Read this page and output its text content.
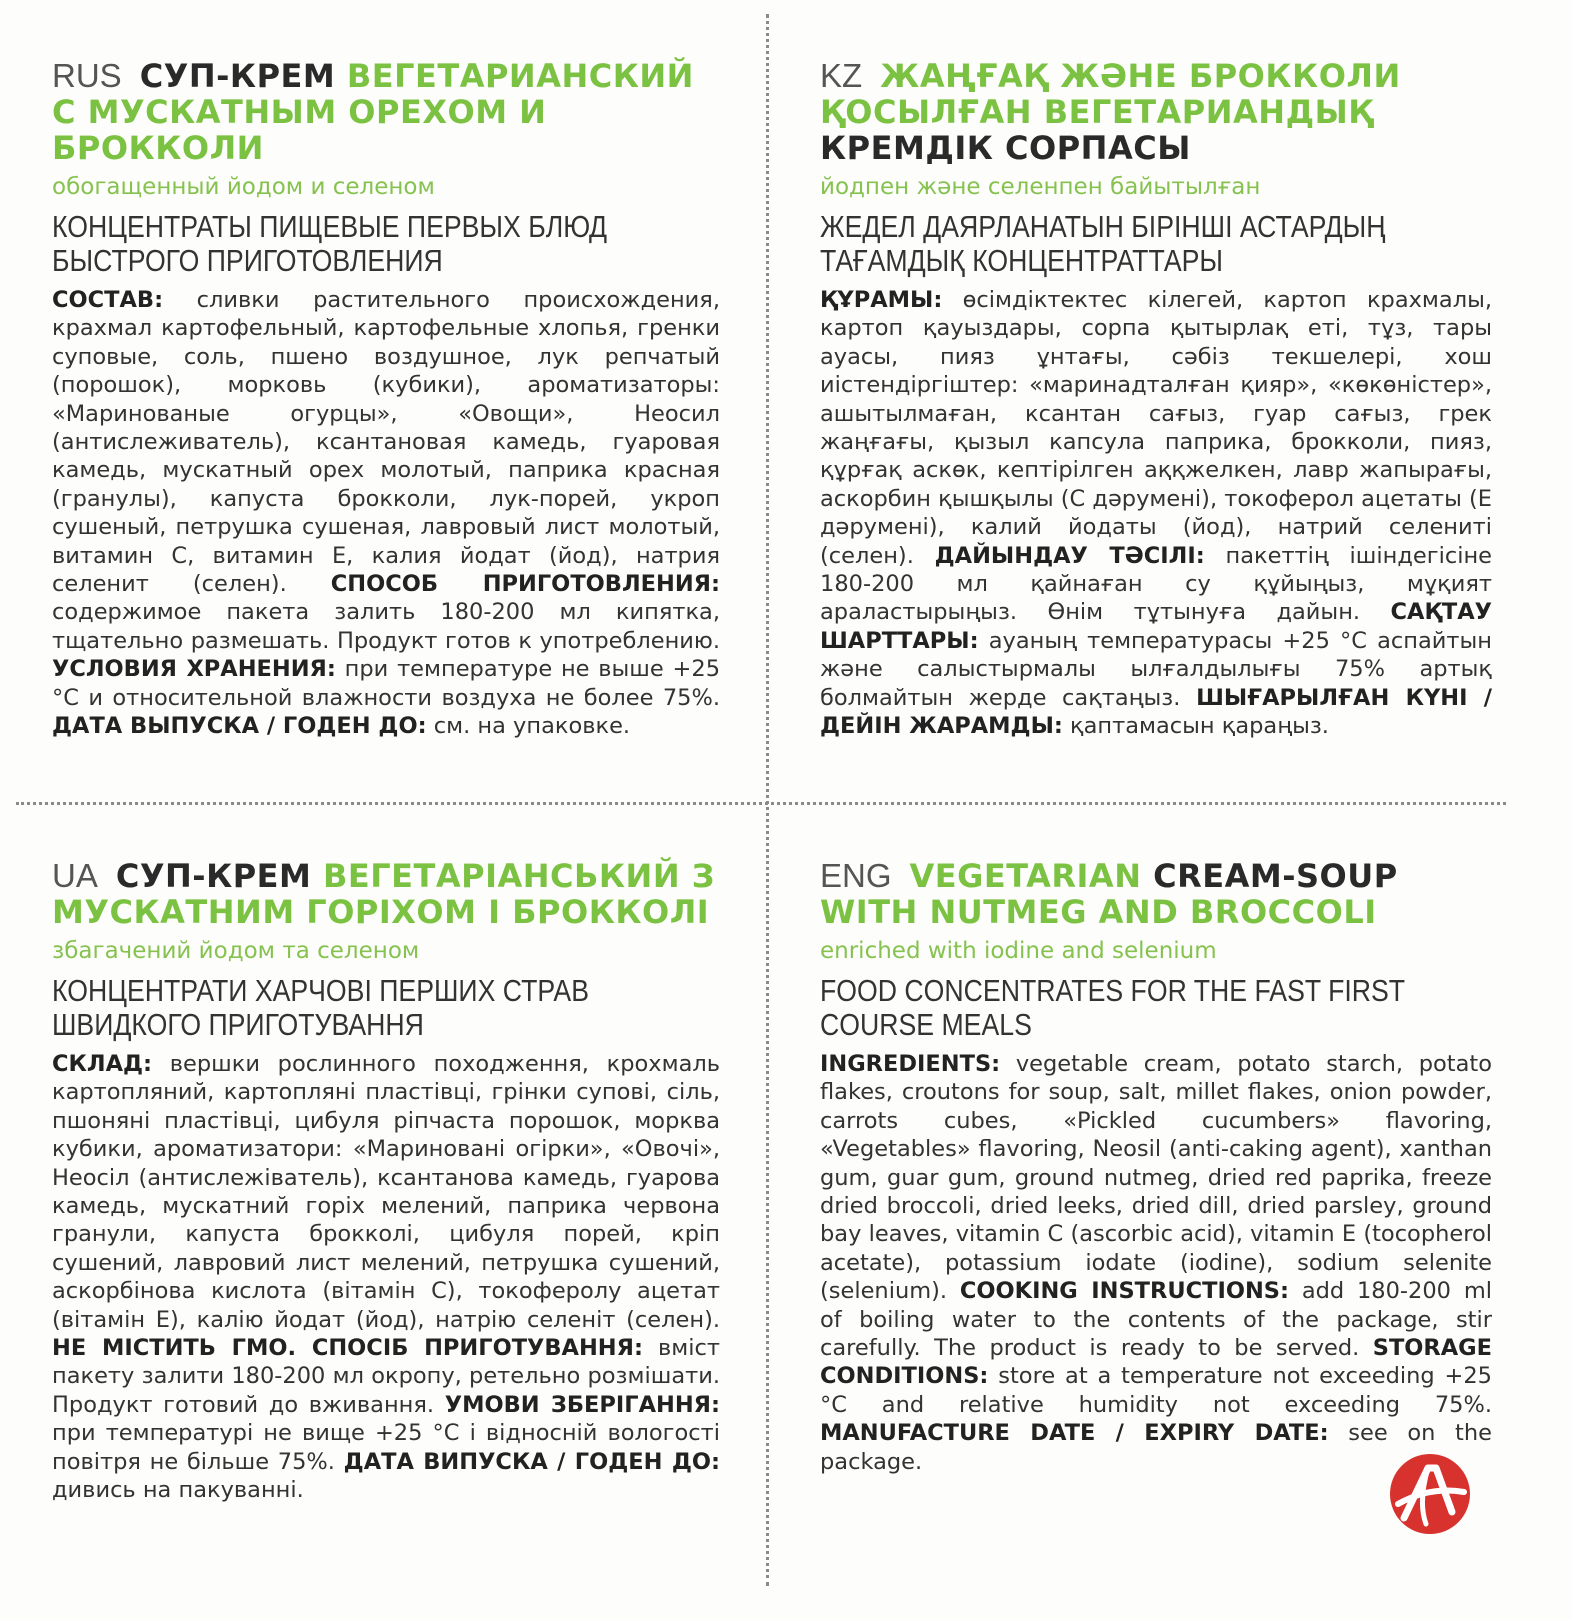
RUS СУП-КРЕМ ВЕГЕТАРИАНСКИЙ С МУСКАТНЫМ ОРЕХОМ И БРОККОЛИ
обогащенный йодом и селеном
КОНЦЕНТРАТЫ ПИЩЕВЫЕ ПЕРВЫХ БЛЮД БЫСТРОГО ПРИГОТОВЛЕНИЯ

СОСТАВ: сливки растительного происхождения, крахмал картофельный, картофельные хлопья, гренки суповые, соль, пшено воздушное, лук репчатый (порошок), морковь (кубики), ароматизаторы: «Маринованые огурцы», «Овощи», Неосил (антислеживатель), ксантановая камедь, гуаровая камедь, мускатный орех молотый, паприка красная (гранулы), капуста брокколи, лук-порей, укроп сушеный, петрушка сушеная, лавровый лист молотый, витамин С, витамин Е, калия йодат (йод), натрия селенит (селен). СПОСОБ ПРИГОТОВЛЕНИЯ: содержимое пакета залить 180-200 мл кипятка, тщательно размешать. Продукт готов к употреблению. УСЛОВИЯ ХРАНЕНИЯ: при температуре не выше +25 °С и относительной влажности воздуха не более 75%. ДАТА ВЫПУСКА / ГОДЕН ДО: см. на упаковке.

KZ ЖАҢҒАҚ ЖӘНЕ БРОККОЛИ ҚОСЫЛҒАН ВЕГЕТАРИАНДЫҚ КРЕМДІК СОРПАСЫ
йодпен және селенпен байытылған
ЖЕДЕЛ ДАЯРЛАНАТЫН БІРІНШІ АСТАРДЫҢ ТАҒАМДЫҚ КОНЦЕНТРАТТАРЫ

ҚҰРАМЫ: өсімдіктектес кілегей, картоп крахмалы, картоп қауыздары, сорпа қытырлақ еті, тұз, тары ауасы, пияз ұнтағы, сәбіз текшелері, хош иістендіргіштер: «маринадталған қияр», «көкөністер», ашытылмаған, ксантан сағыз, гуар сағыз, грек жаңғағы, қызыл капсула паприка, брокколи, пияз, құрғақ аскөк, кептірілген аққжелкен, лавр жапырағы, аскорбин қышқылы (С дәрумені), токоферол ацетаты (Е дәрумені), калий йодаты (йод), натрий селениті (селен). ДАЙЫНДАУ ТӘСІЛІ: пакеттің ішіндегісіне 180-200 мл қайнаған су құйыңыз, мұқият араластырыңыз. Өнім тұтынуға дайын. САҚТАУ ШАРТТАРЫ: ауаның температурасы +25 °С аспайтын және салыстырмалы ылғалдылығы 75% артық болмайтын жерде сақтаңыз. ШЫҒАРЫЛҒАН КҮНІ / ДЕЙІН ЖАРАМДЫ: қаптамасын қараңыз.

UA СУП-КРЕМ ВЕГЕТАРІАНСЬКИЙ З МУСКАТНИМ ГОРІХОМ І БРОККОЛІ
збагачений йодом та селеном
КОНЦЕНТРАТИ ХАРЧОВІ ПЕРШИХ СТРАВ ШВИДКОГО ПРИГОТУВАННЯ

СКЛАД: вершки рослинного походження, крохмаль картопляний, картопляні пластівці, грінки супові, сіль, пшоняні пластівці, цибуля ріпчаста порошок, морква кубики, ароматизатори: «Мариновані огірки», «Овочі», Неосіл (антислежіватель), ксантанова камедь, гуарова камедь, мускатний горіх мелений, паприка червона гранули, капуста брокколі, цибуля порей, кріп сушений, лавровий лист мелений, петрушка сушений, аскорбінова кислота (вітамін С), токоферолу ацетат (вітамін Е), калію йодат (йод), натрію селеніт (селен). НЕ МІСТИТЬ ГМО. СПОСІБ ПРИГОТУВАННЯ: вміст пакету залити 180-200 мл окропу, ретельно розмішати. Продукт готовий до вживання. УМОВИ ЗБЕРІГАННЯ: при температурі не вище +25 °С і відносній вологості повітря не більше 75%. ДАТА ВИПУСКА / ГОДЕН ДО: дивись на пакуванні.

ENG VEGETARIAN CREAM-SOUP WITH NUTMEG AND BROCCOLI
enriched with iodine and selenium
FOOD CONCENTRATES FOR THE FAST FIRST COURSE MEALS

INGREDIENTS: vegetable cream, potato starch, potato flakes, croutons for soup, salt, millet flakes, onion powder, carrots cubes, «Pickled cucumbers» flavoring, «Vegetables» flavoring, Neosil (anti-caking agent), xanthan gum, guar gum, ground nutmeg, dried red paprika, freeze dried broccoli, dried leeks, dried dill, dried parsley, ground bay leaves, vitamin C (ascorbic acid), vitamin E (tocopherol acetate), potassium iodate (iodine), sodium selenite (selenium). COOKING INSTRUCTIONS: add 180-200 ml of boiling water to the contents of the package, stir carefully. The product is ready to be served. STORAGE CONDITIONS: store at a temperature not exceeding +25 °C and relative humidity not exceeding 75%. MANUFACTURE DATE / EXPIRY DATE: see on the package.
